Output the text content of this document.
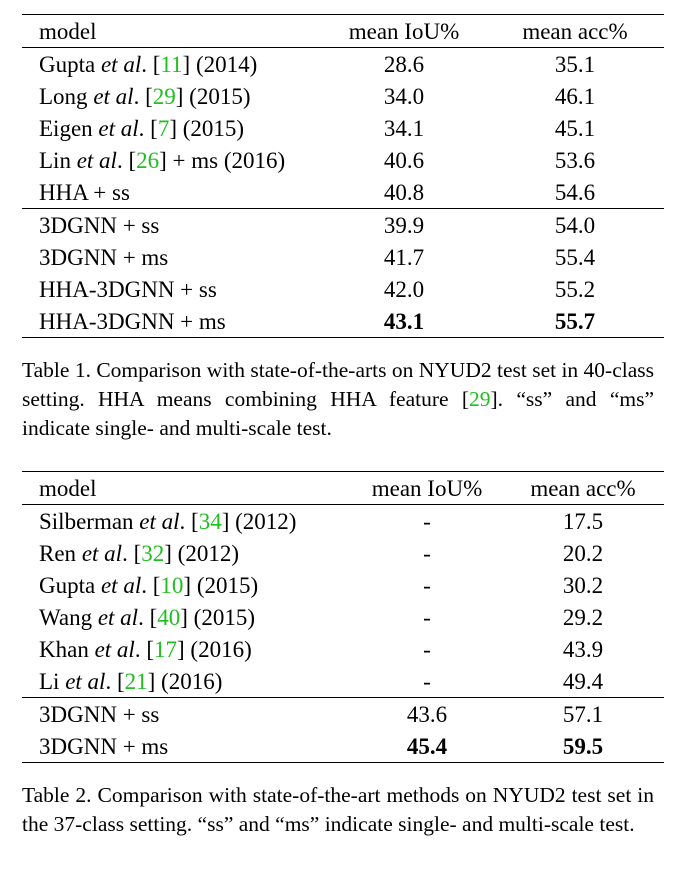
model	mean IoU%	mean acc%
Gupta et al. [11] (2014)	28.6	35.1
Long et al. [29] (2015)	34.0	46.1
Eigen et al. [7] (2015)	34.1	45.1
Lin et al. [26] + ms (2016)	40.6	53.6
HHA + ss	40.8	54.6
3DGNN + ss	39.9	54.0
3DGNN + ms	41.7	55.4
HHA-3DGNN + ss	42.0	55.2
HHA-3DGNN + ms	43.1	55.7

Table 1. Comparison with state-of-the-arts on NYUD2 test set in 40-class setting. HHA means combining HHA feature [29]. “ss” and “ms” indicate single- and multi-scale test.

model	mean IoU%	mean acc%
Silberman et al. [34] (2012)	-	17.5
Ren et al. [32] (2012)	-	20.2
Gupta et al. [10] (2015)	-	30.2
Wang et al. [40] (2015)	-	29.2
Khan et al. [17] (2016)	-	43.9
Li et al. [21] (2016)	-	49.4
3DGNN + ss	43.6	57.1
3DGNN + ms	45.4	59.5

Table 2. Comparison with state-of-the-art methods on NYUD2 test set in the 37-class setting. “ss” and “ms” indicate single- and multi-scale test.
